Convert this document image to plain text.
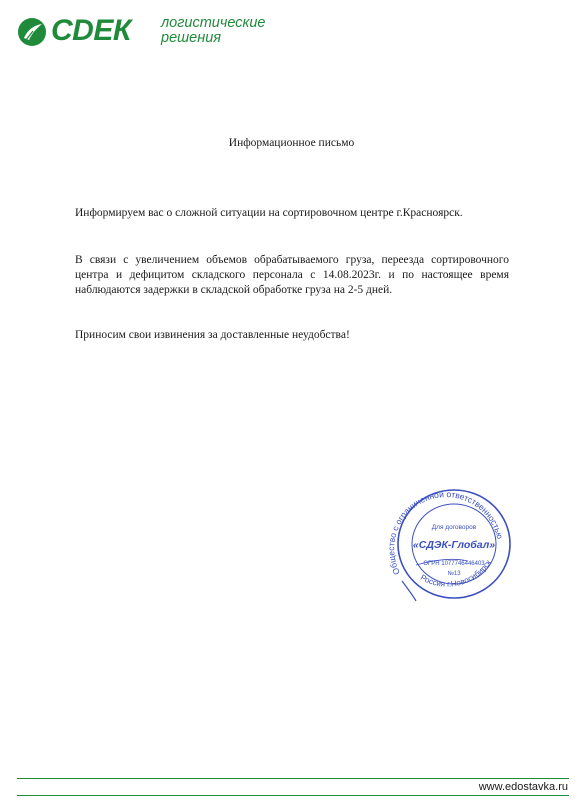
СDЕК логистические
решения
Информационное письмо

Информируем вас о сложной ситуации на сортировочном центре г.Красноярск.

В связи с увеличением объемов обрабатываемого груза, переезда сортировочного центра и дефицитом складского персонала с 14.08.2023г. и по настоящее время наблюдаются задержки в складской обработке груза на 2-5 дней.

Приносим свои извинения за доставленные неудобства!

Общество с ограниченной ответственностью
Россия г.Новосибирск
Для договоров
«СДЭК-Глобал»
ОГРН 1077746446403
№13
www.edostavka.ru
